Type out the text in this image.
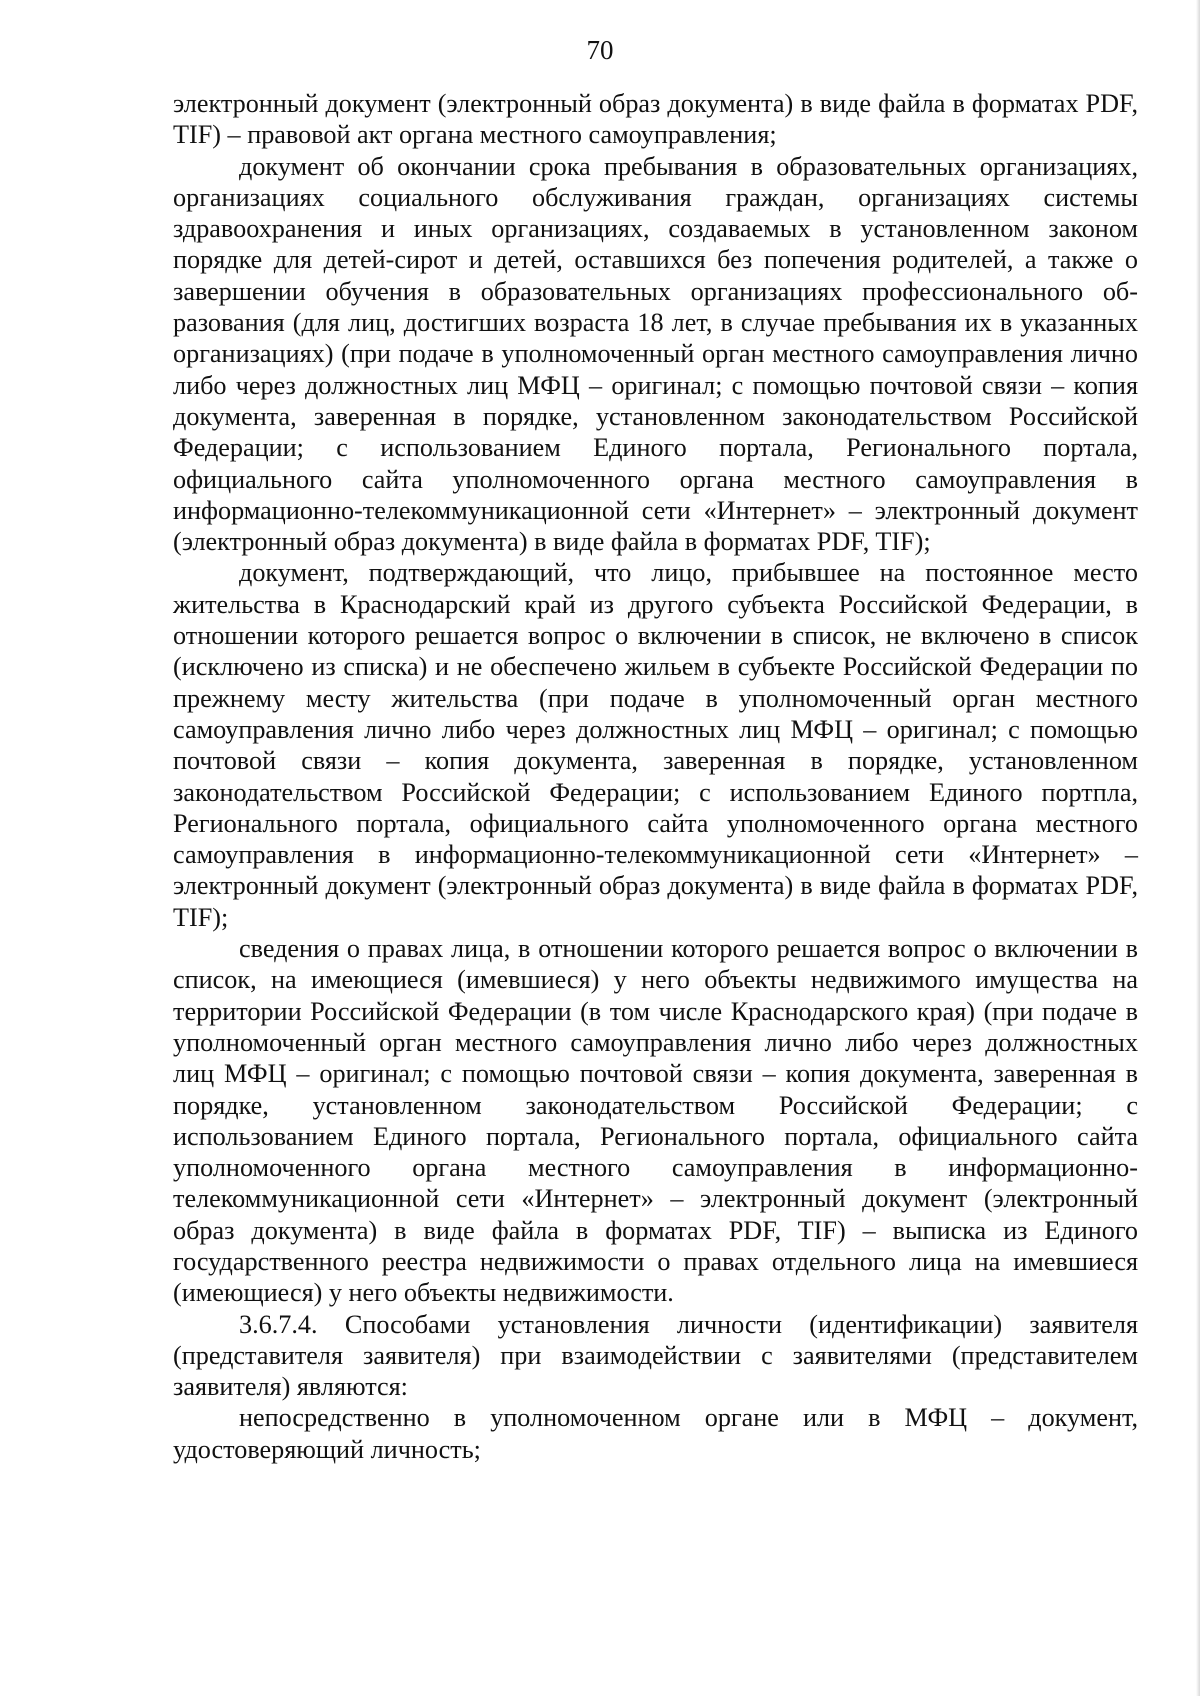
70

электронный документ (электронный образ документа) в виде файла в форматах PDF, TIF) – правовой акт органа местного самоуправления;

документ об окончании срока пребывания в образовательных организациях, организациях социального обслуживания граждан, организациях системы здравоохранения и иных организациях, создаваемых в установленном законом порядке для детей-сирот и детей, оставшихся без попечения родителей, а также о завершении обучения в образовательных организациях профессионального образования (для лиц, достигших возраста 18 лет, в случае пребывания их в указанных организациях) (при подаче в уполномоченный орган местного самоуправления лично либо через должностных лиц МФЦ – оригинал; с помощью почтовой связи – копия документа, заверенная в порядке, установленном законодательством Российской Федерации; с использованием Единого портала, Регионального портала, официального сайта уполномоченного органа местного самоуправления в информационно-телекоммуникационной сети «Интернет» – электронный документ (электронный образ документа) в виде файла в форматах PDF, TIF);

документ, подтверждающий, что лицо, прибывшее на постоянное место жительства в Краснодарский край из другого субъекта Российской Федерации, в отношении которого решается вопрос о включении в список, не включено в список (исключено из списка) и не обеспечено жильем в субъекте Российской Федерации по прежнему месту жительства (при подаче в уполномоченный орган местного самоуправления лично либо через должностных лиц МФЦ – оригинал; с помощью почтовой связи – копия документа, заверенная в порядке, установленном законодательством Российской Федерации; с использованием Единого портпла, Регионального портала, официального сайта уполномоченного органа местного самоуправления в информационно-телекоммуникационной сети «Интернет» – электронный документ (электронный образ документа) в виде файла в форматах PDF, TIF);

сведения о правах лица, в отношении которого решается вопрос о включении в список, на имеющиеся (имевшиеся) у него объекты недвижимого имущества на территории Российской Федерации (в том числе Краснодарского края) (при подаче в уполномоченный орган местного самоуправления лично либо через должностных лиц МФЦ – оригинал; с помощью почтовой связи – копия документа, заверенная в порядке, установленном законодательством Российской Федерации; с использованием Единого портала, Регионального портала, официального сайта уполномоченного органа местного самоуправления в информационно-телекоммуникационной сети «Интернет» – электронный документ (электронный образ документа) в виде файла в форматах PDF, TIF) – выписка из Единого государственного реестра недвижимости о правах отдельного лица на имевшиеся (имеющиеся) у него объекты недвижимости.

3.6.7.4. Способами установления личности (идентификации) заявителя (представителя заявителя) при взаимодействии с заявителями (представителем заявителя) являются:

непосредственно в уполномоченном органе или в МФЦ – документ, удостоверяющий личность;
